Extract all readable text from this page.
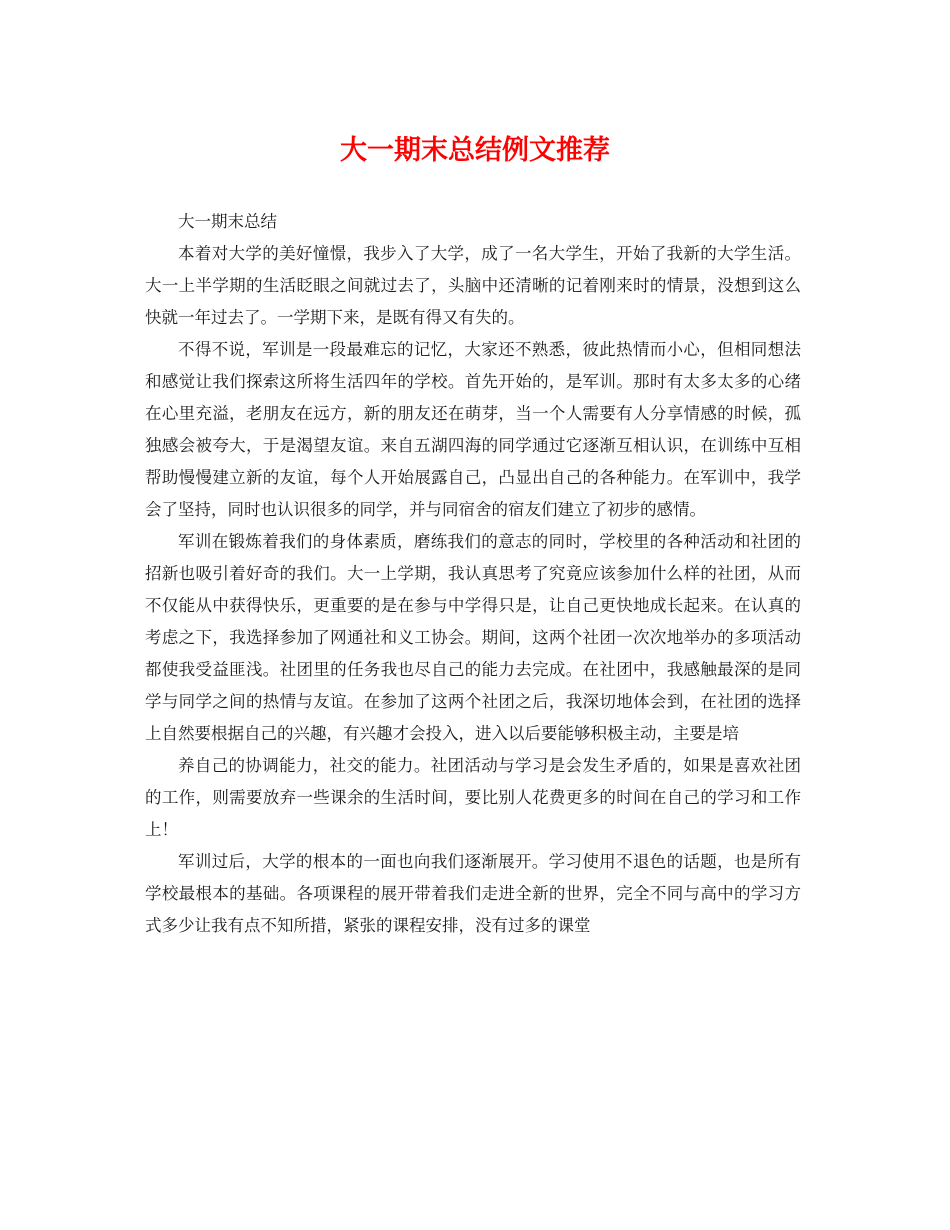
大一期末总结例文推荐

大一期末总结

本着对大学的美好憧憬，我步入了大学，成了一名大学生，开始了我新的大学生活。大一上半学期的生活眨眼之间就过去了，头脑中还清晰的记着刚来时的情景，没想到这么快就一年过去了。一学期下来，是既有得又有失的。

不得不说，军训是一段最难忘的记忆，大家还不熟悉，彼此热情而小心，但相同想法和感觉让我们探索这所将生活四年的学校。首先开始的，是军训。那时有太多太多的心绪在心里充溢，老朋友在远方，新的朋友还在萌芽，当一个人需要有人分享情感的时候，孤独感会被夸大，于是渴望友谊。来自五湖四海的同学通过它逐渐互相认识，在训练中互相帮助慢慢建立新的友谊，每个人开始展露自己，凸显出自己的各种能力。在军训中，我学会了坚持，同时也认识很多的同学，并与同宿舍的宿友们建立了初步的感情。

军训在锻炼着我们的身体素质，磨练我们的意志的同时，学校里的各种活动和社团的招新也吸引着好奇的我们。大一上学期，我认真思考了究竟应该参加什么样的社团，从而不仅能从中获得快乐，更重要的是在参与中学得只是，让自己更快地成长起来。在认真的考虑之下，我选择参加了网通社和义工协会。期间，这两个社团一次次地举办的多项活动都使我受益匪浅。社团里的任务我也尽自己的能力去完成。在社团中，我感触最深的是同学与同学之间的热情与友谊。在参加了这两个社团之后，我深切地体会到，在社团的选择上自然要根据自己的兴趣，有兴趣才会投入，进入以后要能够积极主动，主要是培

养自己的协调能力，社交的能力。社团活动与学习是会发生矛盾的，如果是喜欢社团的工作，则需要放弃一些课余的生活时间，要比别人花费更多的时间在自己的学习和工作上！

军训过后，大学的根本的一面也向我们逐渐展开。学习使用不退色的话题，也是所有学校最根本的基础。各项课程的展开带着我们走进全新的世界，完全不同与高中的学习方式多少让我有点不知所措，紧张的课程安排，没有过多的课堂
